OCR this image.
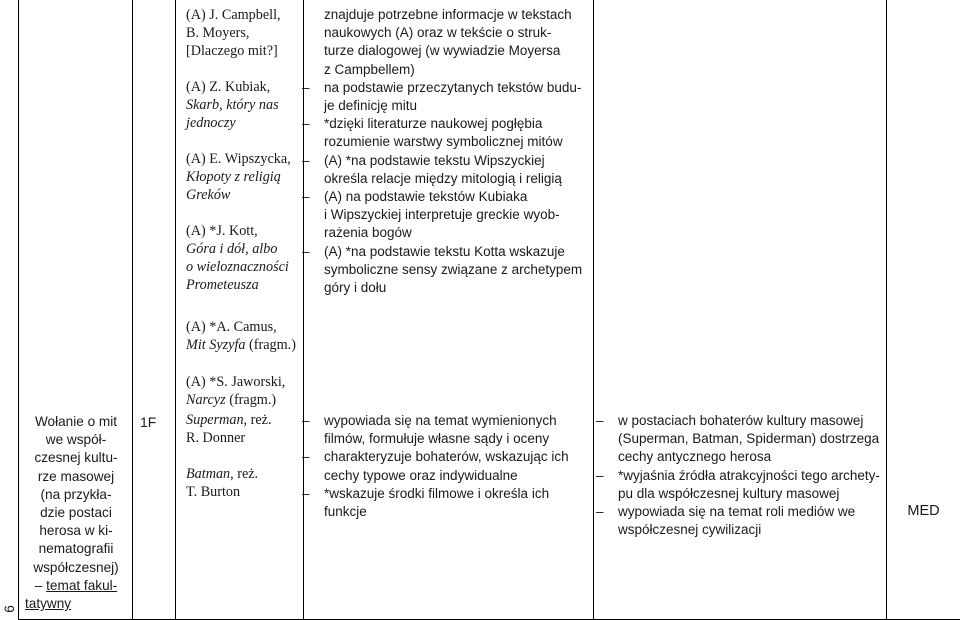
6
Wołanie o mit
we współ-
czesnej kultu-
rze masowej
(na przykła-
dzie postaci
herosa w ki-
nematografii
współczesnej)
– temat fakul-
tatywny
1F
(A) J. Campbell,
B. Moyers,
[Dlaczego mit?]
(A) Z. Kubiak,
Skarb, który nas
jednoczy
(A) E. Wipszycka,
Kłopoty z religią
Greków
(A) *J. Kott,
Góra i dół, albo
o wieloznaczności
Prometeusza
(A) *A. Camus,
Mit Syzyfa (fragm.)
(A) *S. Jaworski,
Narcyz (fragm.)
Superman, reż.
R. Donner
Batman, reż.
T. Burton
znajduje potrzebne informacje w tekstach
naukowych (A) oraz w tekście o struk-
turze dialogowej (w wywiadzie Moyersa
z Campbellem)
– na podstawie przeczytanych tekstów budu-
je definicję mitu
– *dzięki literaturze naukowej pogłębia
rozumienie warstwy symbolicznej mitów
– (A) *na podstawie tekstu Wipszyckiej
określa relacje między mitologią i religią
– (A) na podstawie tekstów Kubiaka
i Wipszyckiej interpretuje greckie wyob-
rażenia bogów
– (A) *na podstawie tekstu Kotta wskazuje
symboliczne sensy związane z archetypem
góry i dołu
– wypowiada się na temat wymienionych
filmów, formułuje własne sądy i oceny
– charakteryzuje bohaterów, wskazując ich
cechy typowe oraz indywidualne
– *wskazuje środki filmowe i określa ich
funkcje
– w postaciach bohaterów kultury masowej
(Superman, Batman, Spiderman) dostrzega
cechy antycznego herosa
– *wyjaśnia źródła atrakcyjności tego archety-
pu dla współczesnej kultury masowej
– wypowiada się na temat roli mediów we
współczesnej cywilizacji
MED
